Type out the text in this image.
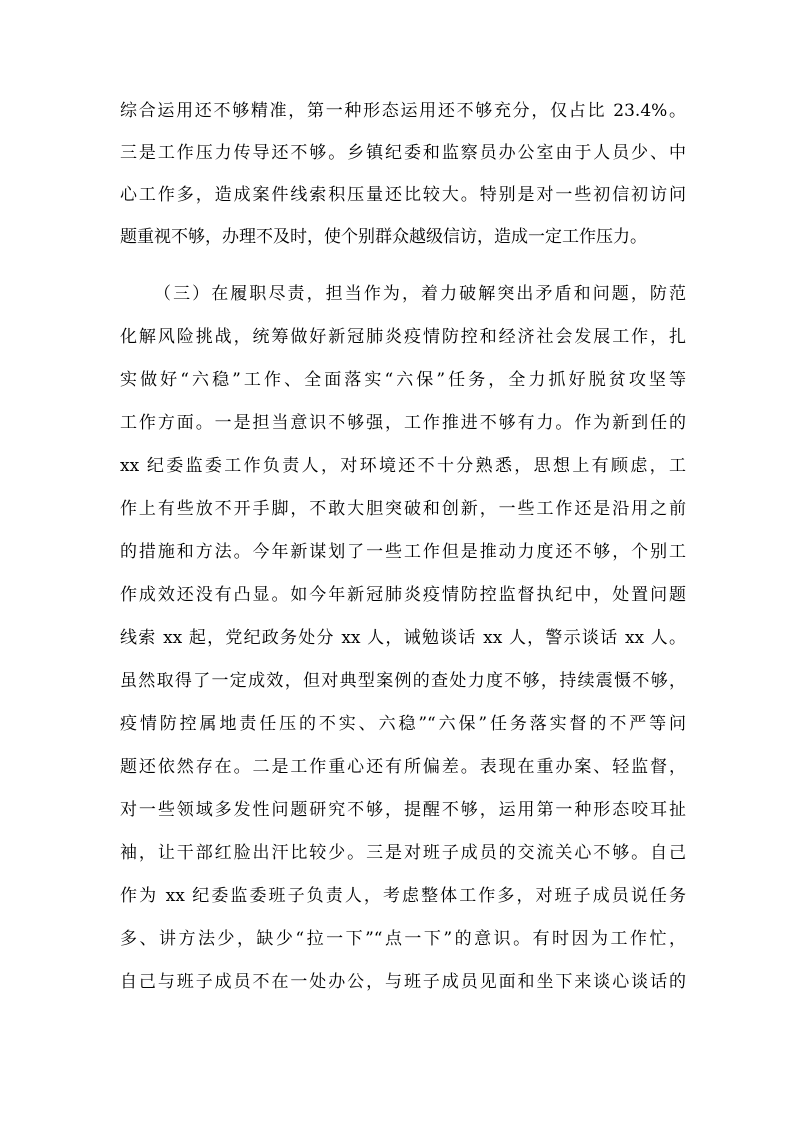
综合运用还不够精准，第一种形态运用还不够充分，仅占比 23.4%。
三是工作压力传导还不够。乡镇纪委和监察员办公室由于人员少、中
心工作多，造成案件线索积压量还比较大。特别是对一些初信初访问
题重视不够，办理不及时，使个别群众越级信访，造成一定工作压力。
（三）在履职尽责，担当作为，着力破解突出矛盾和问题，防范
化解风险挑战，统筹做好新冠肺炎疫情防控和经济社会发展工作，扎
实做好“六稳”工作、全面落实“六保”任务，全力抓好脱贫攻坚等
工作方面。一是担当意识不够强，工作推进不够有力。作为新到任的
xx 纪委监委工作负责人，对环境还不十分熟悉，思想上有顾虑，工
作上有些放不开手脚，不敢大胆突破和创新，一些工作还是沿用之前
的措施和方法。今年新谋划了一些工作但是推动力度还不够，个别工
作成效还没有凸显。如今年新冠肺炎疫情防控监督执纪中，处置问题
线索 xx 起，党纪政务处分 xx 人，诫勉谈话 xx 人，警示谈话 xx 人。
虽然取得了一定成效，但对典型案例的查处力度不够，持续震慑不够，
疫情防控属地责任压的不实、六稳”“六保”任务落实督的不严等问
题还依然存在。二是工作重心还有所偏差。表现在重办案、轻监督，
对一些领域多发性问题研究不够，提醒不够，运用第一种形态咬耳扯
袖，让干部红脸出汗比较少。三是对班子成员的交流关心不够。自己
作为 xx 纪委监委班子负责人，考虑整体工作多，对班子成员说任务
多、讲方法少，缺少“拉一下”“点一下”的意识。有时因为工作忙，
自己与班子成员不在一处办公，与班子成员见面和坐下来谈心谈话的
